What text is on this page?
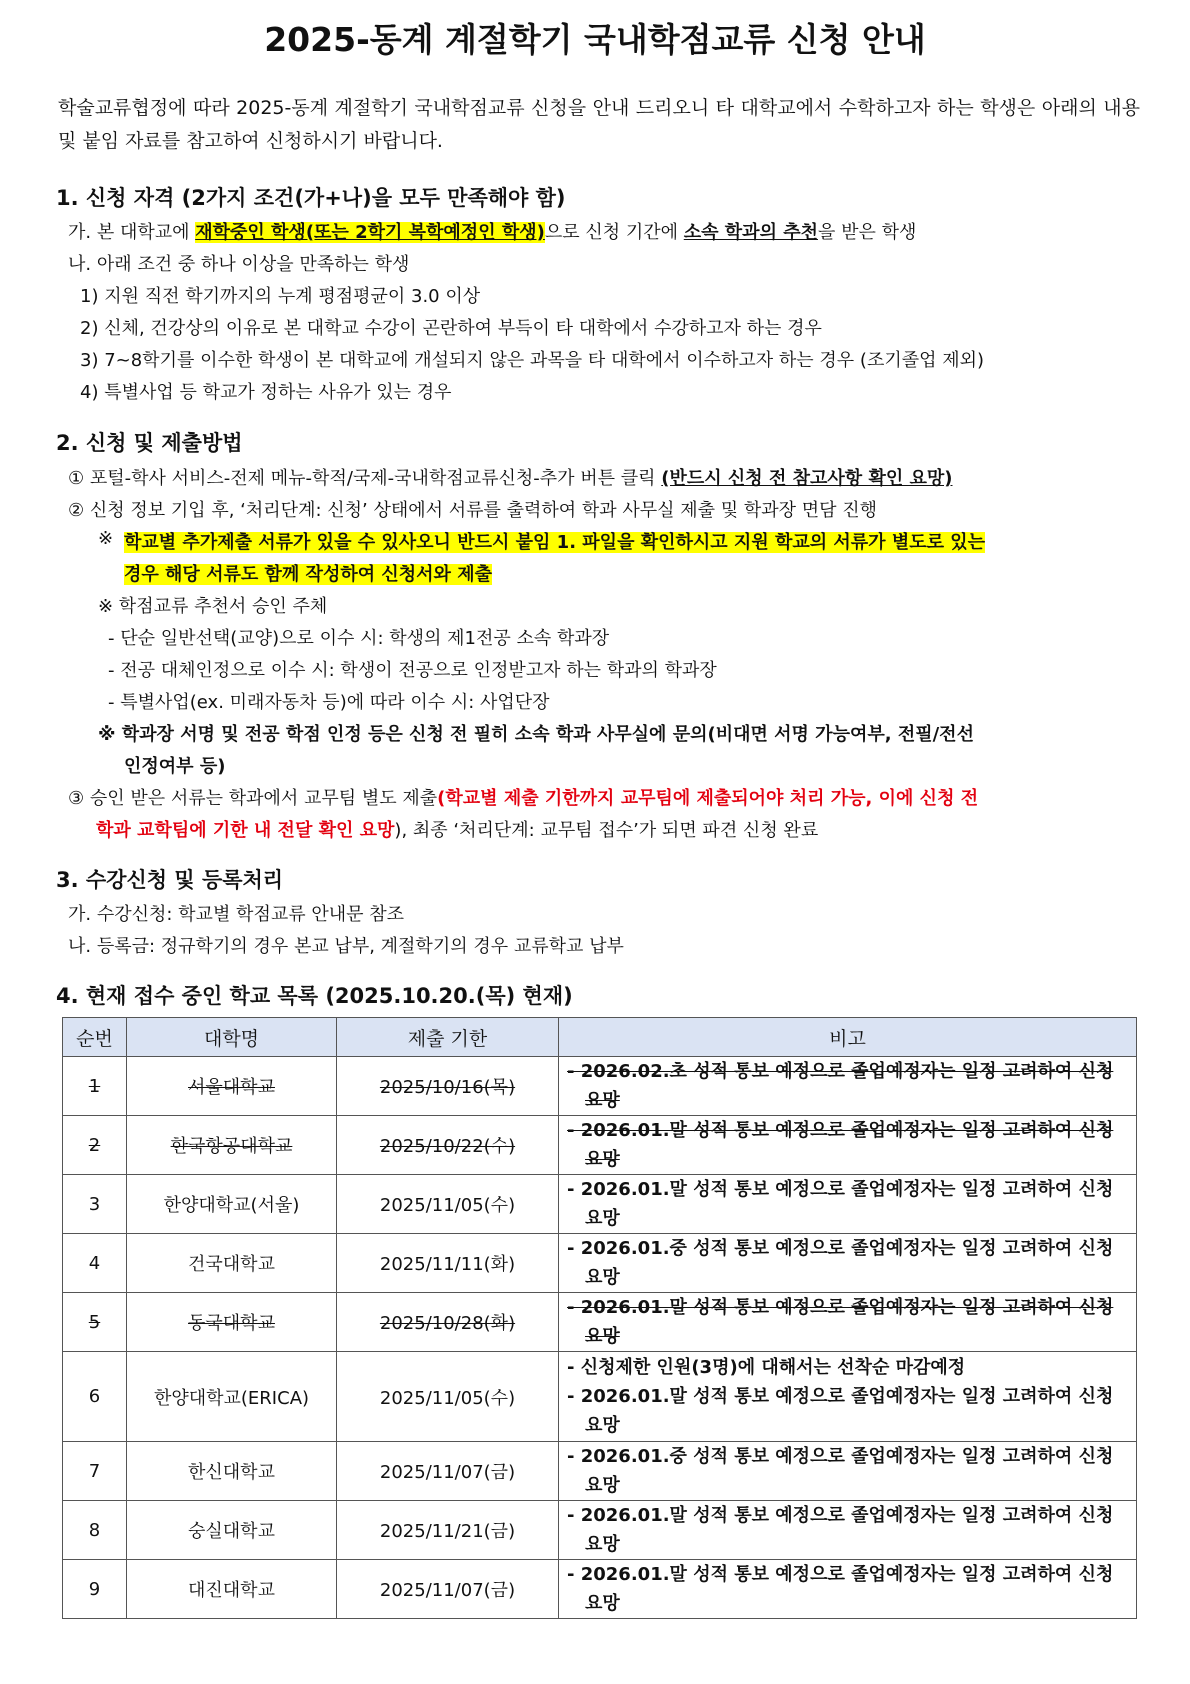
2025-동계 계절학기 국내학점교류 신청 안내
학술교류협정에 따라 2025-동계 계절학기 국내학점교류 신청을 안내 드리오니 타 대학교에서 수학하고자 하는 학생은 아래의 내용 및 붙임 자료를 참고하여 신청하시기 바랍니다.
1. 신청 자격 (2가지 조건(가+나)을 모두 만족해야 함)
가. 본 대학교에 재학중인 학생(또는 2학기 복학예정인 학생)으로 신청 기간에 소속 학과의 추천을 받은 학생
나. 아래 조건 중 하나 이상을 만족하는 학생
1) 지원 직전 학기까지의 누계 평점평균이 3.0 이상
2) 신체, 건강상의 이유로 본 대학교 수강이 곤란하여 부득이 타 대학에서 수강하고자 하는 경우
3) 7~8학기를 이수한 학생이 본 대학교에 개설되지 않은 과목을 타 대학에서 이수하고자 하는 경우 (조기졸업 제외)
4) 특별사업 등 학교가 정하는 사유가 있는 경우
2. 신청 및 제출방법
① 포털-학사 서비스-전제 메뉴-학적/국제-국내학점교류신청-추가 버튼 클릭 (반드시 신청 전 참고사항 확인 요망)
② 신청 정보 기입 후, ‘처리단계: 신청’ 상태에서 서류를 출력하여 학과 사무실 제출 및 학과장 면담 진행
※ 학교별 추가제출 서류가 있을 수 있사오니 반드시 붙임 1. 파일을 확인하시고 지원 학교의 서류가 별도로 있는
경우 해당 서류도 함께 작성하여 신청서와 제출
※ 학점교류 추천서 승인 주체
- 단순 일반선택(교양)으로 이수 시: 학생의 제1전공 소속 학과장
- 전공 대체인정으로 이수 시: 학생이 전공으로 인정받고자 하는 학과의 학과장
- 특별사업(ex. 미래자동차 등)에 따라 이수 시: 사업단장
※ 학과장 서명 및 전공 학점 인정 등은 신청 전 필히 소속 학과 사무실에 문의(비대면 서명 가능여부, 전필/전선
인정여부 등)
③ 승인 받은 서류는 학과에서 교무팀 별도 제출(학교별 제출 기한까지 교무팀에 제출되어야 처리 가능, 이에 신청 전
학과 교학팀에 기한 내 전달 확인 요망), 최종 ‘처리단계: 교무팀 접수’가 되면 파견 신청 완료
3. 수강신청 및 등록처리
가. 수강신청: 학교별 학점교류 안내문 참조
나. 등록금: 정규학기의 경우 본교 납부, 계절학기의 경우 교류학교 납부
4. 현재 접수 중인 학교 목록 (2025.10.20.(목) 현재)
순번	대학명	제출 기한	비고
1	서울대학교	2025/10/16(목)	- 2026.02.초 성적 통보 예정으로 졸업예정자는 일정 고려하여 신청 요망

2	한국항공대학교	2025/10/22(수)	- 2026.01.말 성적 통보 예정으로 졸업예정자는 일정 고려하여 신청 요망

3	한양대학교(서울)	2025/11/05(수)	- 2026.01.말 성적 통보 예정으로 졸업예정자는 일정 고려하여 신청 요망

4	건국대학교	2025/11/11(화)	- 2026.01.중 성적 통보 예정으로 졸업예정자는 일정 고려하여 신청 요망

5	동국대학교	2025/10/28(화)	- 2026.01.말 성적 통보 예정으로 졸업예정자는 일정 고려하여 신청 요망

6	한양대학교(ERICA)	2025/11/05(수)	- 신청제한 인원(3명)에 대해서는 선착순 마감예정
- 2026.01.말 성적 통보 예정으로 졸업예정자는 일정 고려하여 신청 요망

7	한신대학교	2025/11/07(금)	- 2026.01.중 성적 통보 예정으로 졸업예정자는 일정 고려하여 신청 요망

8	숭실대학교	2025/11/21(금)	- 2026.01.말 성적 통보 예정으로 졸업예정자는 일정 고려하여 신청 요망

9	대진대학교	2025/11/07(금)	- 2026.01.말 성적 통보 예정으로 졸업예정자는 일정 고려하여 신청 요망
